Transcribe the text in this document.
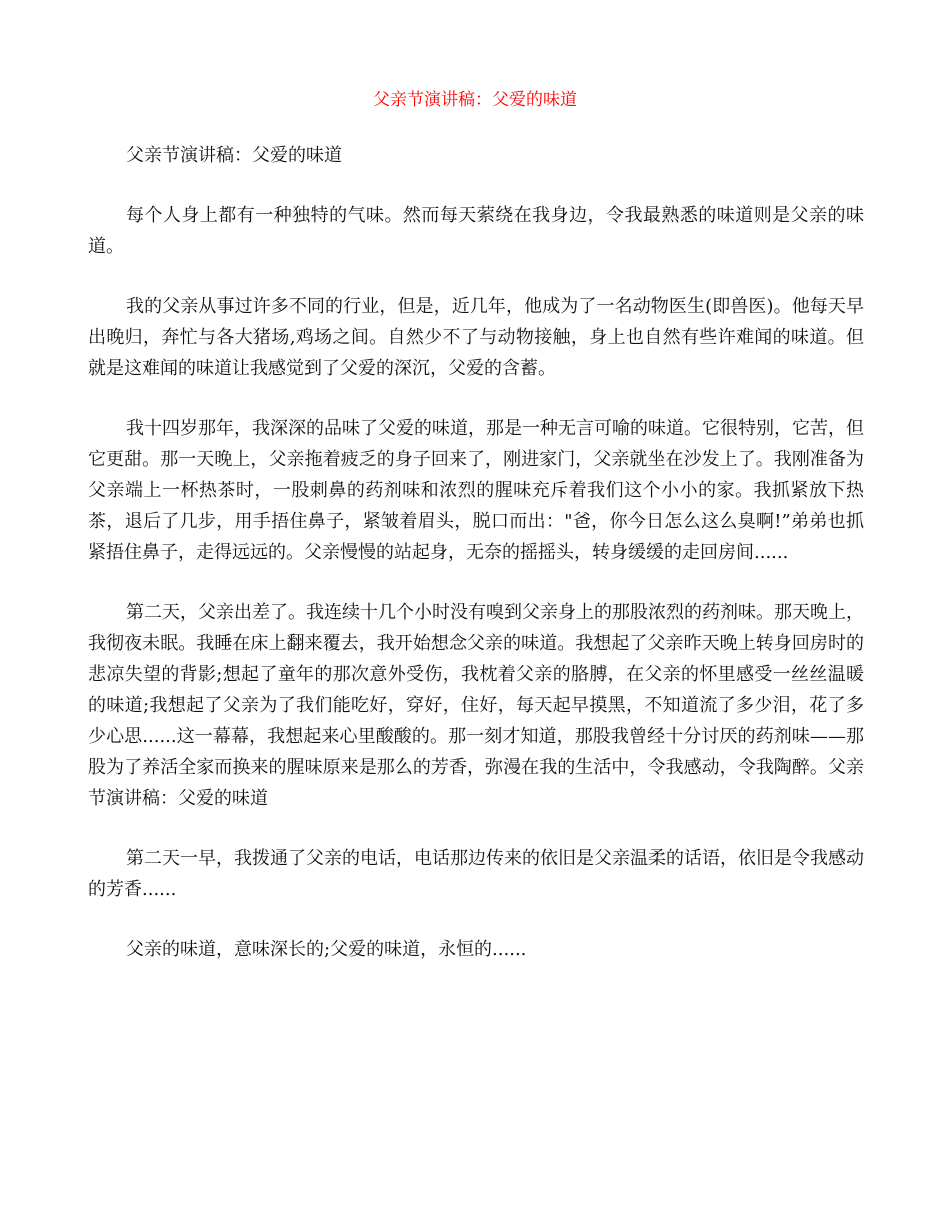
父亲节演讲稿：父爱的味道

父亲节演讲稿：父爱的味道

每个人身上都有一种独特的气味。然而每天萦绕在我身边，令我最熟悉的味道则是父亲的味道。

我的父亲从事过许多不同的行业，但是，近几年，他成为了一名动物医生(即兽医)。他每天早出晚归，奔忙与各大猪场,鸡场之间。自然少不了与动物接触，身上也自然有些许难闻的味道。但就是这难闻的味道让我感觉到了父爱的深沉，父爱的含蓄。

我十四岁那年，我深深的品味了父爱的味道，那是一种无言可喻的味道。它很特别，它苦，但它更甜。那一天晚上，父亲拖着疲乏的身子回来了，刚进家门，父亲就坐在沙发上了。我刚准备为父亲端上一杯热茶时，一股刺鼻的药剂味和浓烈的腥味充斥着我们这个小小的家。我抓紧放下热茶，退后了几步，用手捂住鼻子，紧皱着眉头，脱口而出："爸，你今日怎么这么臭啊!”弟弟也抓紧捂住鼻子，走得远远的。父亲慢慢的站起身，无奈的摇摇头，转身缓缓的走回房间......

第二天，父亲出差了。我连续十几个小时没有嗅到父亲身上的那股浓烈的药剂味。那天晚上，我彻夜未眠。我睡在床上翻来覆去，我开始想念父亲的味道。我想起了父亲昨天晚上转身回房时的悲凉失望的背影;想起了童年的那次意外受伤，我枕着父亲的胳膊，在父亲的怀里感受一丝丝温暖的味道;我想起了父亲为了我们能吃好，穿好，住好，每天起早摸黑，不知道流了多少泪，花了多少心思......这一幕幕，我想起来心里酸酸的。那一刻才知道，那股我曾经十分讨厌的药剂味——那股为了养活全家而换来的腥味原来是那么的芳香，弥漫在我的生活中，令我感动，令我陶醉。父亲节演讲稿：父爱的味道

第二天一早，我拨通了父亲的电话，电话那边传来的依旧是父亲温柔的话语，依旧是令我感动的芳香......

父亲的味道，意味深长的;父爱的味道，永恒的......
